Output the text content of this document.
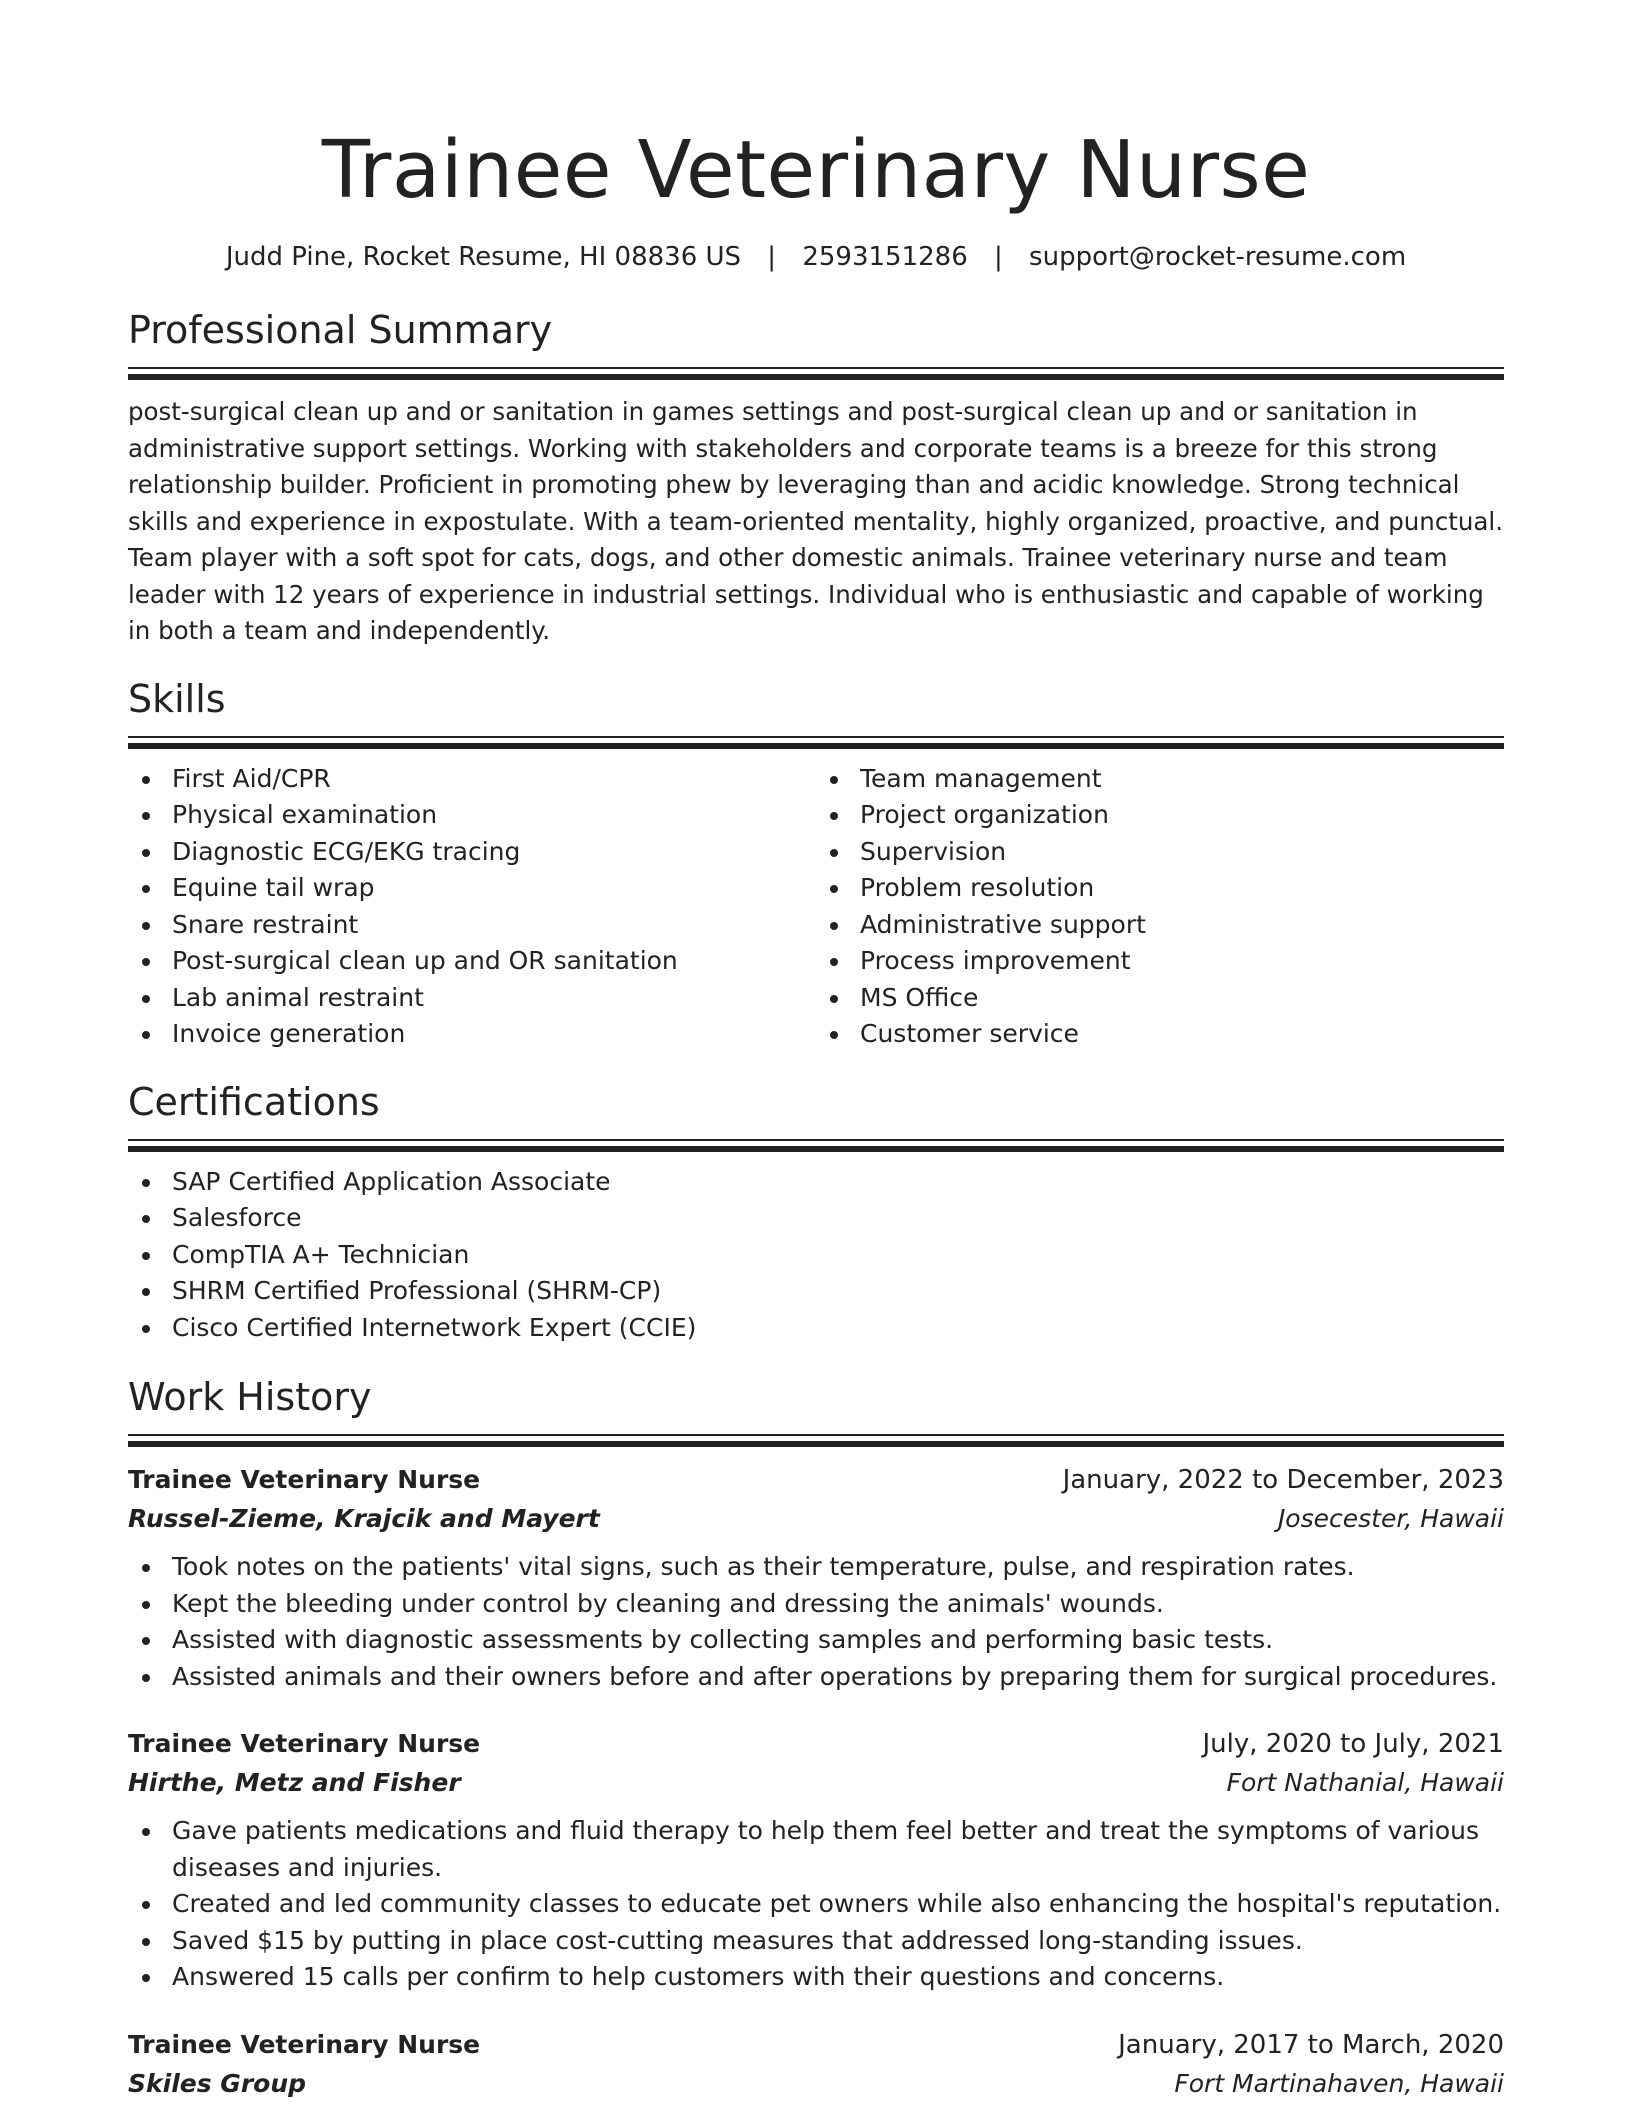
Trainee Veterinary Nurse
Judd Pine, Rocket Resume, HI 08836 US | 2593151286 | support@rocket-resume.com
Professional Summary

post-surgical clean up and or sanitation in games settings and post-surgical clean up and or sanitation in administrative support settings. Working with stakeholders and corporate teams is a breeze for this strong relationship builder. Proficient in promoting phew by leveraging than and acidic knowledge. Strong technical skills and experience in expostulate. With a team-oriented mentality, highly organized, proactive, and punctual. Team player with a soft spot for cats, dogs, and other domestic animals. Trainee veterinary nurse and team leader with 12 years of experience in industrial settings. Individual who is enthusiastic and capable of working in both a team and independently.

Skills
First Aid/CPR
Physical examination
Diagnostic ECG/EKG tracing
Equine tail wrap
Snare restraint
Post-surgical clean up and OR sanitation
Lab animal restraint
Invoice generation
Team management
Project organization
Supervision
Problem resolution
Administrative support
Process improvement
MS Office
Customer service
Certifications
SAP Certified Application Associate
Salesforce
CompTIA A+ Technician
SHRM Certified Professional (SHRM-CP)
Cisco Certified Internetwork Expert (CCIE)
Work History
Trainee Veterinary Nurse	January, 2022 to December, 2023
Russel-Zieme, Krajcik and Mayert	Josecester, Hawaii
Took notes on the patients' vital signs, such as their temperature, pulse, and respiration rates.
Kept the bleeding under control by cleaning and dressing the animals' wounds.
Assisted with diagnostic assessments by collecting samples and performing basic tests.
Assisted animals and their owners before and after operations by preparing them for surgical procedures.
Trainee Veterinary Nurse	July, 2020 to July, 2021
Hirthe, Metz and Fisher	Fort Nathanial, Hawaii
Gave patients medications and fluid therapy to help them feel better and treat the symptoms of various diseases and injuries.
Created and led community classes to educate pet owners while also enhancing the hospital's reputation.
Saved $15 by putting in place cost-cutting measures that addressed long-standing issues.
Answered 15 calls per confirm to help customers with their questions and concerns.
Trainee Veterinary Nurse	January, 2017 to March, 2020
Skiles Group	Fort Martinahaven, Hawaii
